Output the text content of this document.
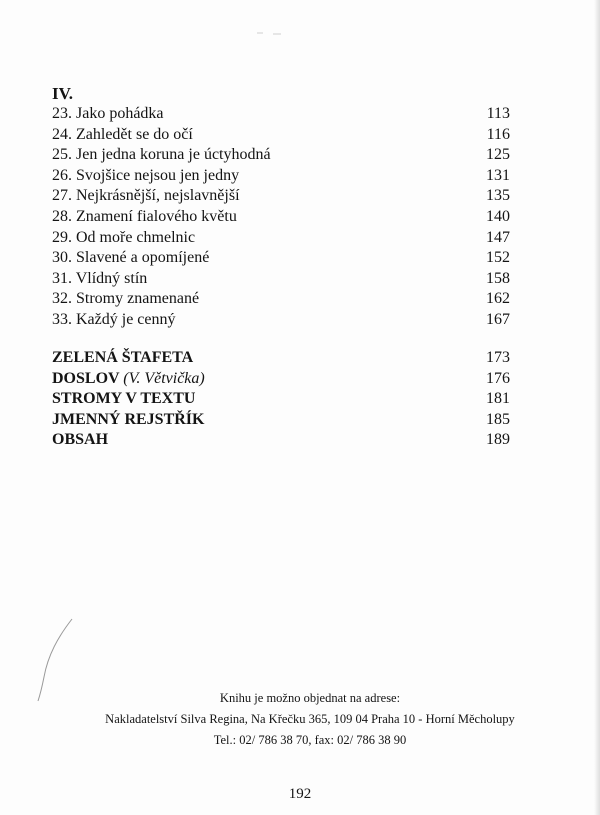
IV.
23. Jako pohádka	113
24. Zahledět se do očí	116
25. Jen jedna koruna je úctyhodná	125
26. Svojšice nejsou jen jedny	131
27. Nejkrásnější, nejslavnější	135
28. Znamení fialového květu	140
29. Od moře chmelnic	147
30. Slavené a opomíjené	152
31. Vlídný stín	158
32. Stromy znamenané	162
33. Každý je cenný	167
ZELENÁ ŠTAFETA	173
DOSLOV (V. Větvička)	176
STROMY V TEXTU	181
JMENNÝ REJSTŘÍK	185
OBSAH	189
Knihu je možno objednat na adrese:
Nakladatelství Silva Regina, Na Křečku 365, 109 04 Praha 10 - Horní Měcholupy
Tel.: 02/ 786 38 70, fax: 02/ 786 38 90
192
